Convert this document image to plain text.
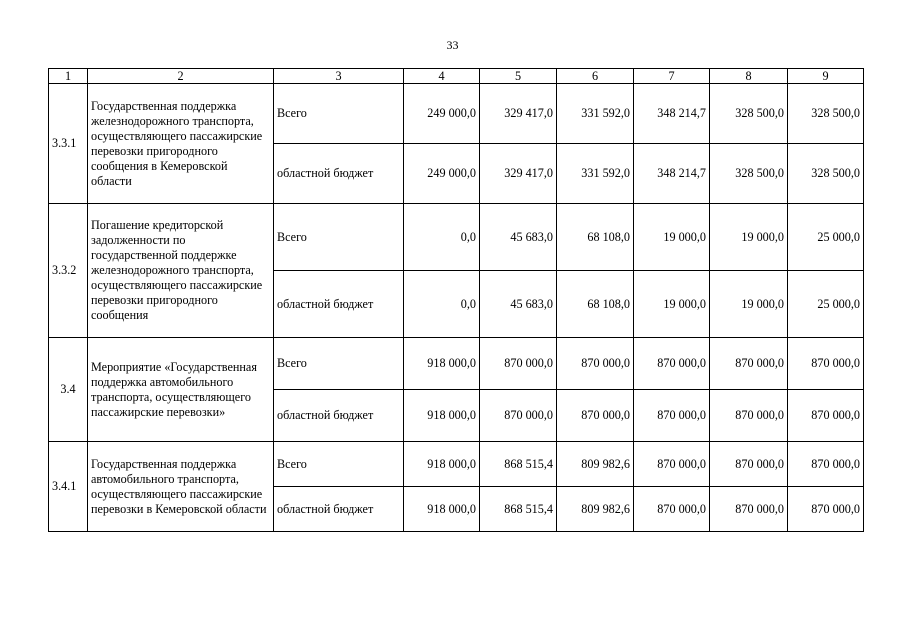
33
1	2	3	4	5	6	7	8	9
3.3.1	Государственная поддержка железнодорожного транспорта, осуществляющего пассажирские перевозки пригородного сообщения в Кемеровской области	Всего	249 000,0	329 417,0	331 592,0	348 214,7	328 500,0	328 500,0
		областной бюджет	249 000,0	329 417,0	331 592,0	348 214,7	328 500,0	328 500,0
3.3.2	Погашение кредиторской задолженности по государственной поддержке железнодорожного транспорта, осуществляющего пассажирские перевозки пригородного сообщения	Всего	0,0	45 683,0	68 108,0	19 000,0	19 000,0	25 000,0
		областной бюджет	0,0	45 683,0	68 108,0	19 000,0	19 000,0	25 000,0
3.4	Мероприятие «Государственная поддержка автомобильного транспорта, осуществляющего пассажирские перевозки»	Всего	918 000,0	870 000,0	870 000,0	870 000,0	870 000,0	870 000,0
		областной бюджет	918 000,0	870 000,0	870 000,0	870 000,0	870 000,0	870 000,0
3.4.1	Государственная поддержка автомобильного транспорта, осуществляющего пассажирские перевозки в Кемеровской области	Всего	918 000,0	868 515,4	809 982,6	870 000,0	870 000,0	870 000,0
		областной бюджет	918 000,0	868 515,4	809 982,6	870 000,0	870 000,0	870 000,0
